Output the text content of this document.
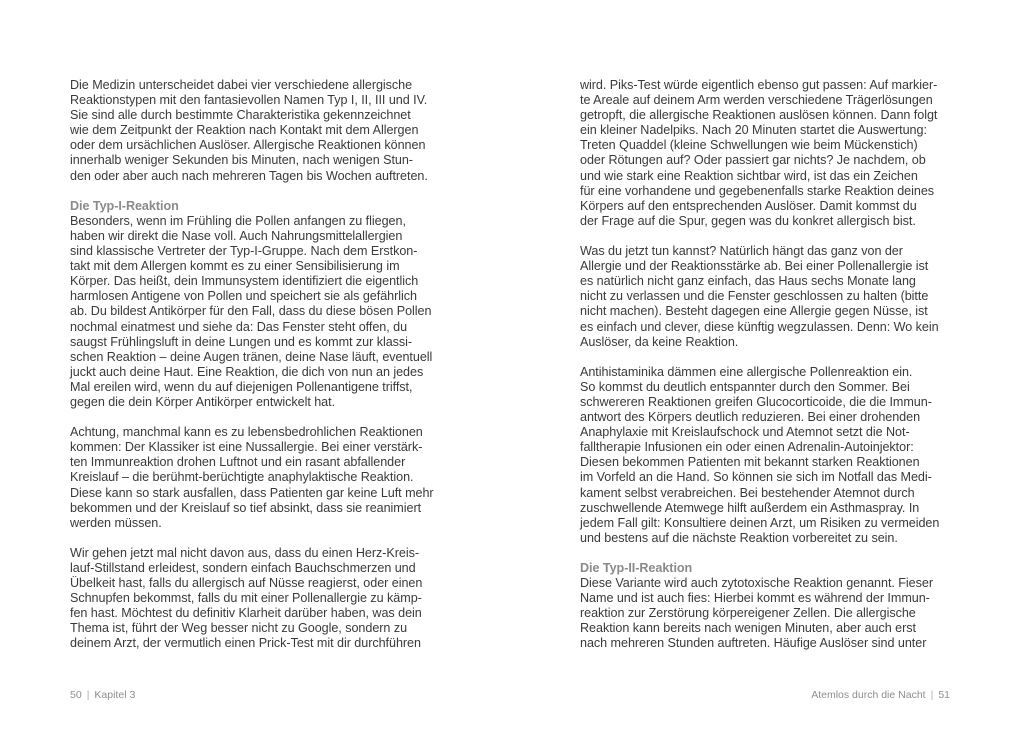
Die Medizin unterscheidet dabei vier verschiedene allergische
Reaktionstypen mit den fantasievollen Namen Typ I, II, III und IV.
Sie sind alle durch bestimmte Charakteristika gekennzeichnet
wie dem Zeitpunkt der Reaktion nach Kontakt mit dem Allergen
oder dem ursächlichen Auslöser. Allergische Reaktionen können
innerhalb weniger Sekunden bis Minuten, nach wenigen Stun-
den oder aber auch nach mehreren Tagen bis Wochen auftreten.

Die Typ-I-Reaktion
Besonders, wenn im Frühling die Pollen anfangen zu fliegen,
haben wir direkt die Nase voll. Auch Nahrungsmittelallergien
sind klassische Vertreter der Typ-I-Gruppe. Nach dem Erstkon-
takt mit dem Allergen kommt es zu einer Sensibilisierung im
Körper. Das heißt, dein Immunsystem identifiziert die eigentlich
harmlosen Antigene von Pollen und speichert sie als gefährlich
ab. Du bildest Antikörper für den Fall, dass du diese bösen Pollen
nochmal einatmest und siehe da: Das Fenster steht offen, du
saugst Frühlingsluft in deine Lungen und es kommt zur klassi-
schen Reaktion – deine Augen tränen, deine Nase läuft, eventuell
juckt auch deine Haut. Eine Reaktion, die dich von nun an jedes
Mal ereilen wird, wenn du auf diejenigen Pollenantigene triffst,
gegen die dein Körper Antikörper entwickelt hat.

Achtung, manchmal kann es zu lebensbedrohlichen Reaktionen
kommen: Der Klassiker ist eine Nussallergie. Bei einer verstärk-
ten Immunreaktion drohen Luftnot und ein rasant abfallender
Kreislauf – die berühmt-berüchtigte anaphylaktische Reaktion.
Diese kann so stark ausfallen, dass Patienten gar keine Luft mehr
bekommen und der Kreislauf so tief absinkt, dass sie reanimiert
werden müssen.

Wir gehen jetzt mal nicht davon aus, dass du einen Herz-Kreis-
lauf-Stillstand erleidest, sondern einfach Bauchschmerzen und
Übelkeit hast, falls du allergisch auf Nüsse reagierst, oder einen
Schnupfen bekommst, falls du mit einer Pollenallergie zu kämp-
fen hast. Möchtest du definitiv Klarheit darüber haben, was dein
Thema ist, führt der Weg besser nicht zu Google, sondern zu
deinem Arzt, der vermutlich einen Prick-Test mit dir durchführen

50 | Kapitel 3

wird. Piks-Test würde eigentlich ebenso gut passen: Auf markier-
te Areale auf deinem Arm werden verschiedene Trägerlösungen
getropft, die allergische Reaktionen auslösen können. Dann folgt
ein kleiner Nadelpiks. Nach 20 Minuten startet die Auswertung:
Treten Quaddel (kleine Schwellungen wie beim Mückenstich)
oder Rötungen auf? Oder passiert gar nichts? Je nachdem, ob
und wie stark eine Reaktion sichtbar wird, ist das ein Zeichen
für eine vorhandene und gegebenenfalls starke Reaktion deines
Körpers auf den entsprechenden Auslöser. Damit kommst du
der Frage auf die Spur, gegen was du konkret allergisch bist.

Was du jetzt tun kannst? Natürlich hängt das ganz von der
Allergie und der Reaktionsstärke ab. Bei einer Pollenallergie ist
es natürlich nicht ganz einfach, das Haus sechs Monate lang
nicht zu verlassen und die Fenster geschlossen zu halten (bitte
nicht machen). Besteht dagegen eine Allergie gegen Nüsse, ist
es einfach und clever, diese künftig wegzulassen. Denn: Wo kein
Auslöser, da keine Reaktion.

Antihistaminika dämmen eine allergische Pollenreaktion ein.
So kommst du deutlich entspannter durch den Sommer. Bei
schwereren Reaktionen greifen Glucocorticoide, die die Immun-
antwort des Körpers deutlich reduzieren. Bei einer drohenden
Anaphylaxie mit Kreislaufschock und Atemnot setzt die Not-
falltherapie Infusionen ein oder einen Adrenalin-Autoinjektor:
Diesen bekommen Patienten mit bekannt starken Reaktionen
im Vorfeld an die Hand. So können sie sich im Notfall das Medi-
kament selbst verabreichen. Bei bestehender Atemnot durch
zuschwellende Atemwege hilft außerdem ein Asthmaspray. In
jedem Fall gilt: Konsultiere deinen Arzt, um Risiken zu vermeiden
und bestens auf die nächste Reaktion vorbereitet zu sein.

Die Typ-II-Reaktion
Diese Variante wird auch zytotoxische Reaktion genannt. Fieser
Name und ist auch fies: Hierbei kommt es während der Immun-
reaktion zur Zerstörung körpereigener Zellen. Die allergische
Reaktion kann bereits nach wenigen Minuten, aber auch erst
nach mehreren Stunden auftreten. Häufige Auslöser sind unter

Atemlos durch die Nacht | 51
